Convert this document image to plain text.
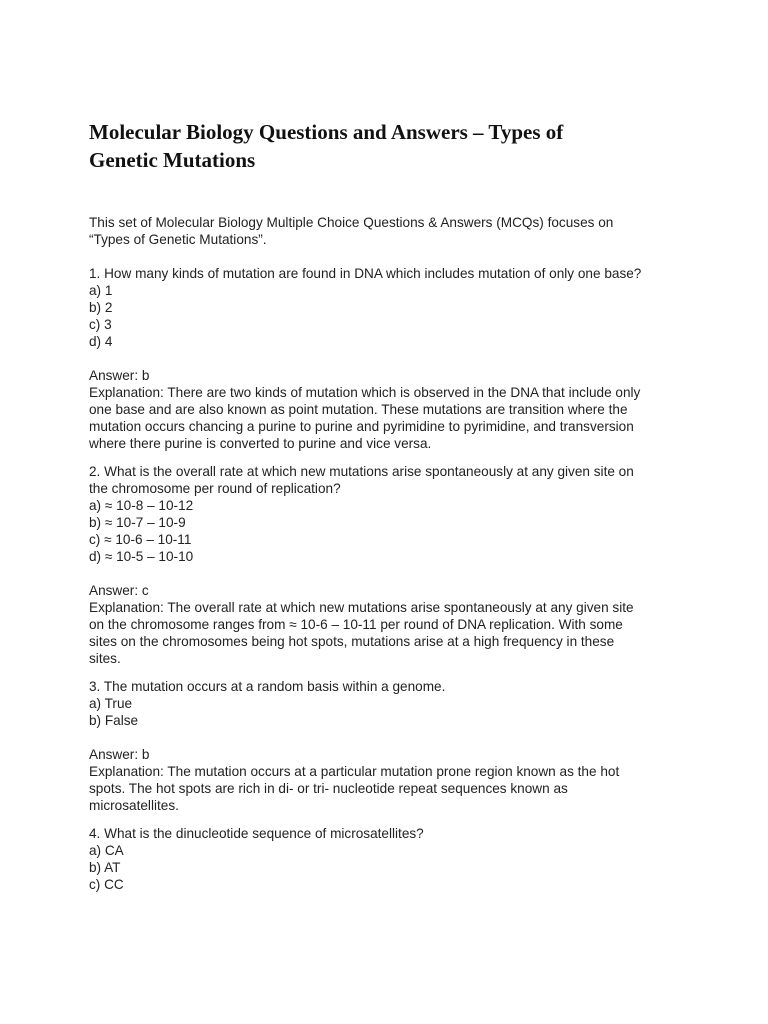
Molecular Biology Questions and Answers – Types of
Genetic Mutations
This set of Molecular Biology Multiple Choice Questions & Answers (MCQs) focuses on
“Types of Genetic Mutations”.
1. How many kinds of mutation are found in DNA which includes mutation of only one base?
a) 1
b) 2
c) 3
d) 4
Answer: b
Explanation: There are two kinds of mutation which is observed in the DNA that include only
one base and are also known as point mutation. These mutations are transition where the
mutation occurs chancing a purine to purine and pyrimidine to pyrimidine, and transversion
where there purine is converted to purine and vice versa.
2. What is the overall rate at which new mutations arise spontaneously at any given site on
the chromosome per round of replication?
a) ≈ 10-8 – 10-12
b) ≈ 10-7 – 10-9
c) ≈ 10-6 – 10-11
d) ≈ 10-5 – 10-10
Answer: c
Explanation: The overall rate at which new mutations arise spontaneously at any given site
on the chromosome ranges from ≈ 10-6 – 10-11 per round of DNA replication. With some
sites on the chromosomes being hot spots, mutations arise at a high frequency in these
sites.
3. The mutation occurs at a random basis within a genome.
a) True
b) False
Answer: b
Explanation: The mutation occurs at a particular mutation prone region known as the hot
spots. The hot spots are rich in di- or tri- nucleotide repeat sequences known as
microsatellites.
4. What is the dinucleotide sequence of microsatellites?
a) CA
b) AT
c) CC
